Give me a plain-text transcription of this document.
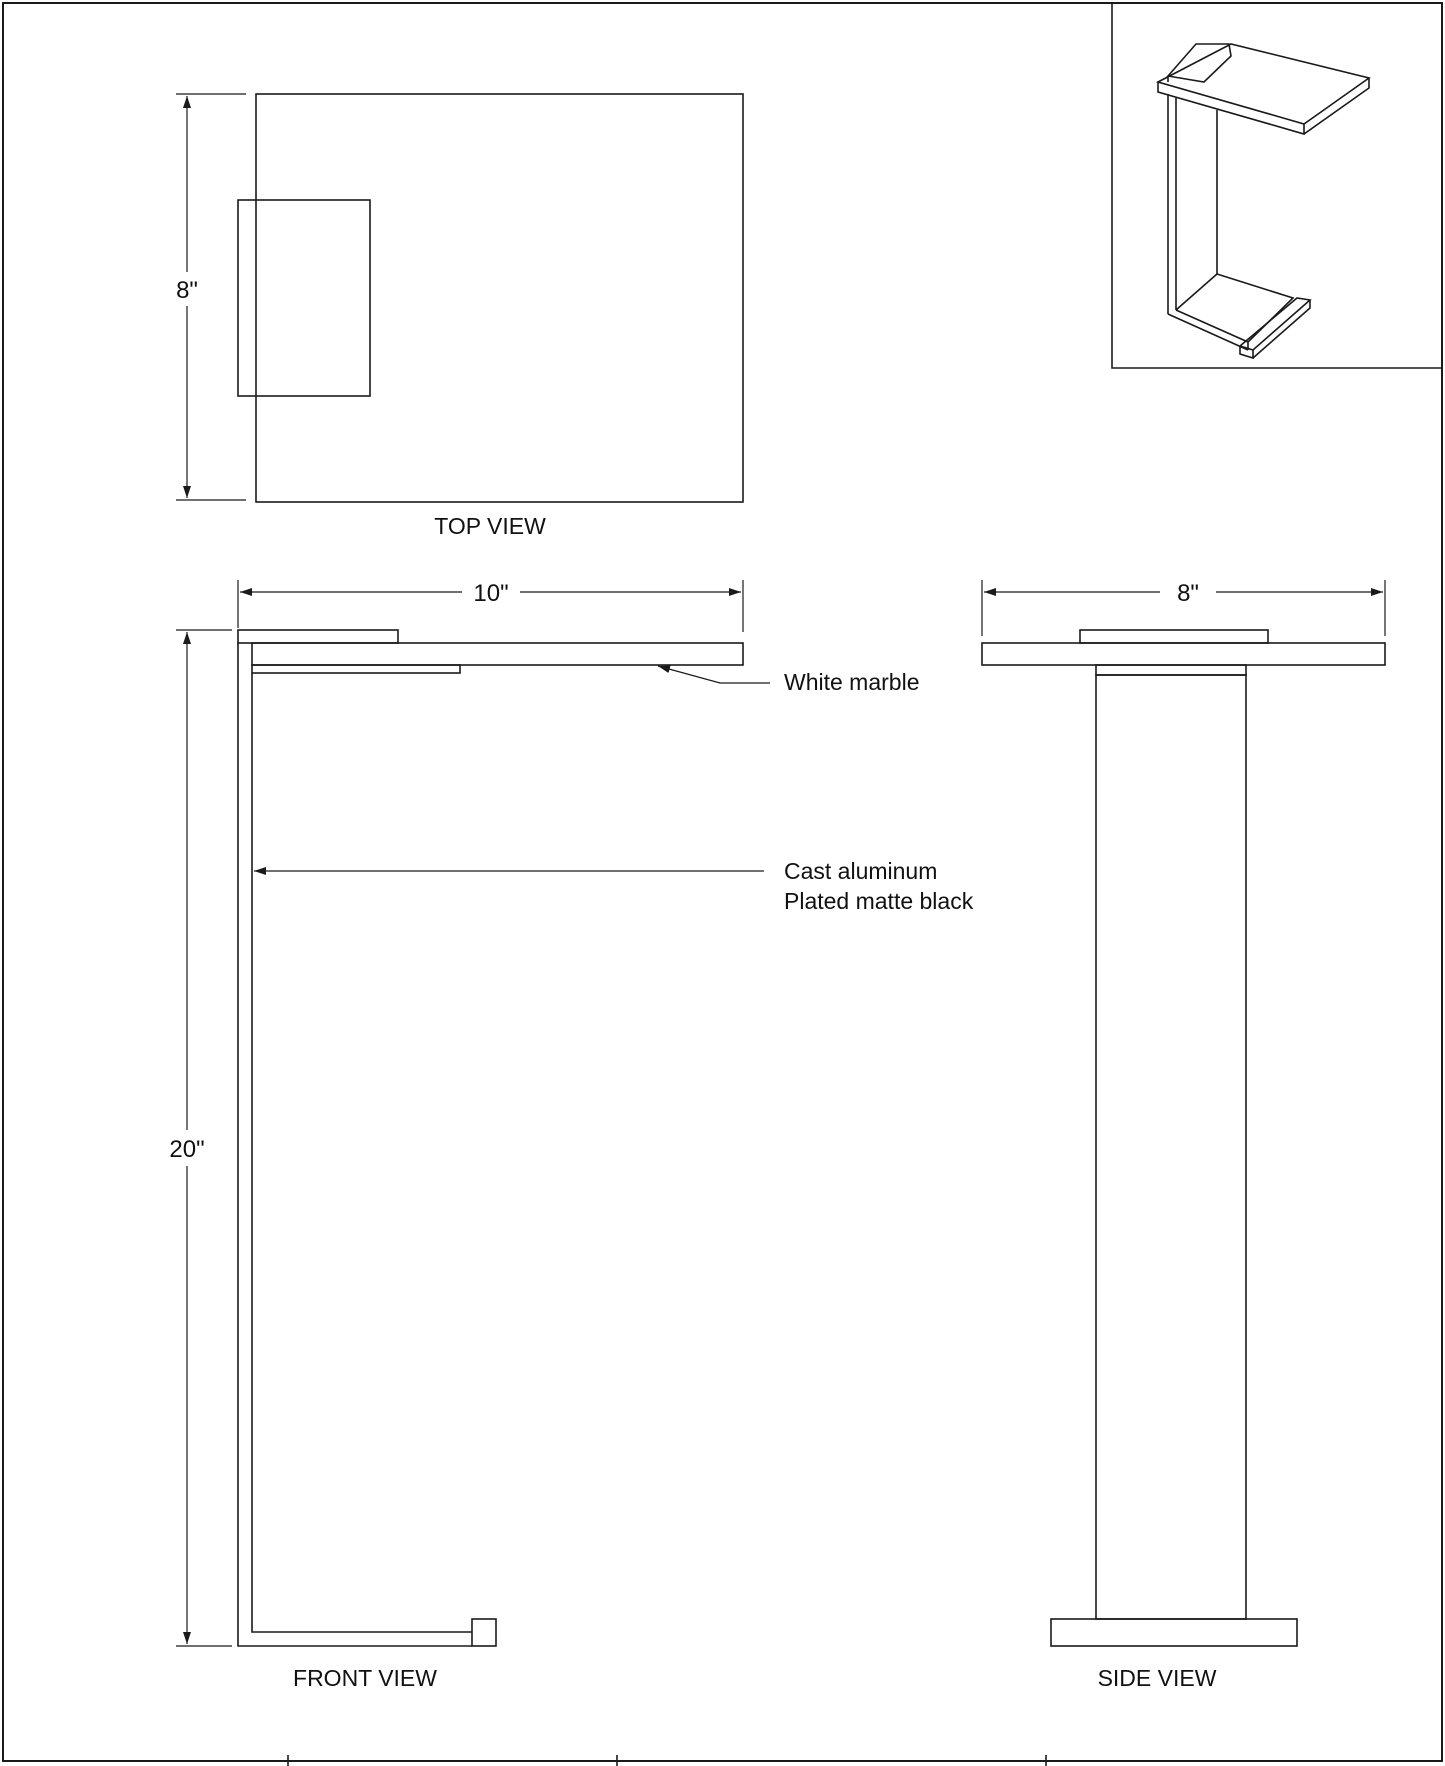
8"
TOP VIEW
10"
20"
White marble
Cast aluminum
Plated matte black
FRONT VIEW
8"
SIDE VIEW
